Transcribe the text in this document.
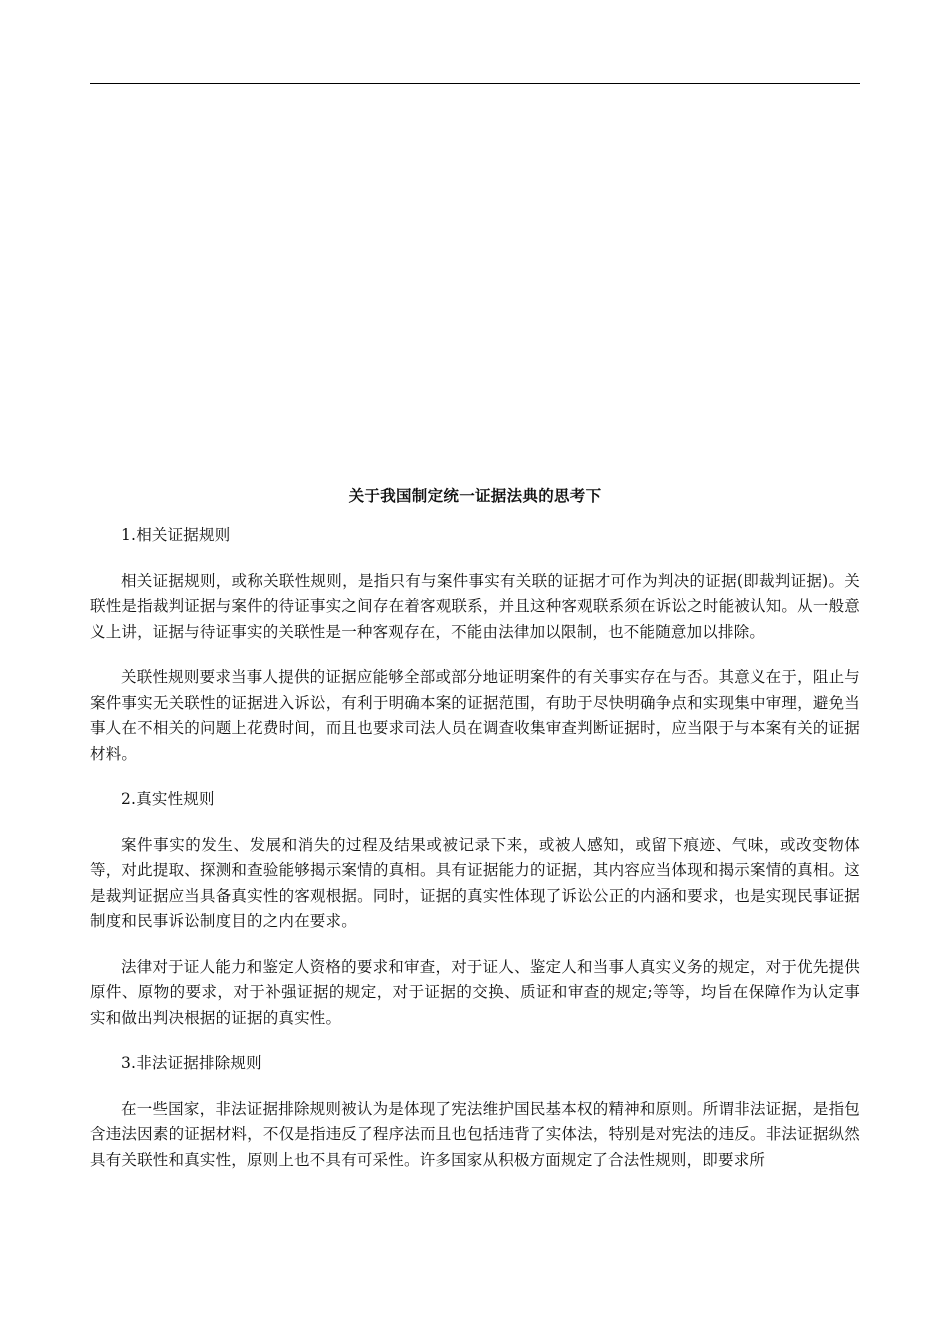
关于我国制定统一证据法典的思考下
1.相关证据规则
相关证据规则，或称关联性规则，是指只有与案件事实有关联的证据才可作为判决的证据(即裁判证据)。关联性是指裁判证据与案件的待证事实之间存在着客观联系，并且这种客观联系须在诉讼之时能被认知。从一般意义上讲，证据与待证事实的关联性是一种客观存在，不能由法律加以限制，也不能随意加以排除。
关联性规则要求当事人提供的证据应能够全部或部分地证明案件的有关事实存在与否。其意义在于，阻止与案件事实无关联性的证据进入诉讼，有利于明确本案的证据范围，有助于尽快明确争点和实现集中审理，避免当事人在不相关的问题上花费时间，而且也要求司法人员在调查收集审查判断证据时，应当限于与本案有关的证据材料。
2.真实性规则
案件事实的发生、发展和消失的过程及结果或被记录下来，或被人感知，或留下痕迹、气味，或改变物体等，对此提取、探测和查验能够揭示案情的真相。具有证据能力的证据，其内容应当体现和揭示案情的真相。这是裁判证据应当具备真实性的客观根据。同时，证据的真实性体现了诉讼公正的内涵和要求，也是实现民事证据制度和民事诉讼制度目的之内在要求。
法律对于证人能力和鉴定人资格的要求和审查，对于证人、鉴定人和当事人真实义务的规定，对于优先提供原件、原物的要求，对于补强证据的规定，对于证据的交换、质证和审查的规定;等等，均旨在保障作为认定事实和做出判决根据的证据的真实性。
3.非法证据排除规则
在一些国家，非法证据排除规则被认为是体现了宪法维护国民基本权的精神和原则。所谓非法证据，是指包含违法因素的证据材料，不仅是指违反了程序法而且也包括违背了实体法，特别是对宪法的违反。非法证据纵然具有关联性和真实性，原则上也不具有可采性。许多国家从积极方面规定了合法性规则，即要求所
